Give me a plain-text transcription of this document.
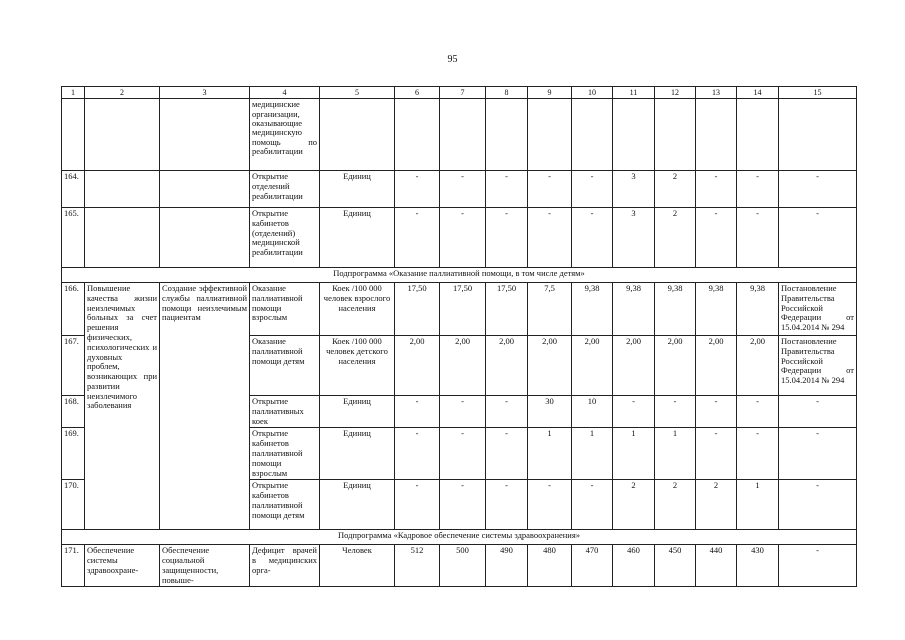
95
1	2	3	4	5	6	7	8	9	10	11	12	13	14	15
			медицинские организации, оказывающие медицинскую помощь по реабилитации											
164.			Открытие отделений реабилитации	Единиц	-	-	-	-	-	3	2	-	-	-
165.			Открытие кабинетов (отделений) медицинской реабилитации	Единиц	-	-	-	-	-	3	2	-	-	-
Подпрограмма «Оказание паллиативной помощи, в том числе детям»														
166.	Повышение качества жизни неизлечимых больных за счет решения физических, психологических и духовных проблем, возникающих при развитии неизлечимого заболевания	Создание эффективной службы паллиативной помощи неизлечимым пациентам	Оказание паллиативной помощи взрослым	Коек /100 000 человек взрослого населения	17,50	17,50	17,50	7,5	9,38	9,38	9,38	9,38	9,38	Постановление Правительства Российской Федерации от 15.04.2014 № 294
167.			Оказание паллиативной помощи детям	Коек /100 000 человек детского населения	2,00	2,00	2,00	2,00	2,00	2,00	2,00	2,00	2,00	Постановление Правительства Российской Федерации от 15.04.2014 № 294
168.			Открытие паллиативных коек	Единиц	-	-	-	30	10	-	-	-	-	-
169.			Открытие кабинетов паллиативной помощи взрослым	Единиц	-	-	-	1	1	1	1	-	-	-
170.			Открытие кабинетов паллиативной помощи детям	Единиц	-	-	-	-	-	2	2	2	1	-
Подпрограмма «Кадровое обеспечение системы здравоохранения»														
171.	Обеспечение системы здравоохране-	Обеспечение социальной защищенности, повыше-	Дефицит врачей в медицинских орга-	Человек	512	500	490	480	470	460	450	440	430	-
